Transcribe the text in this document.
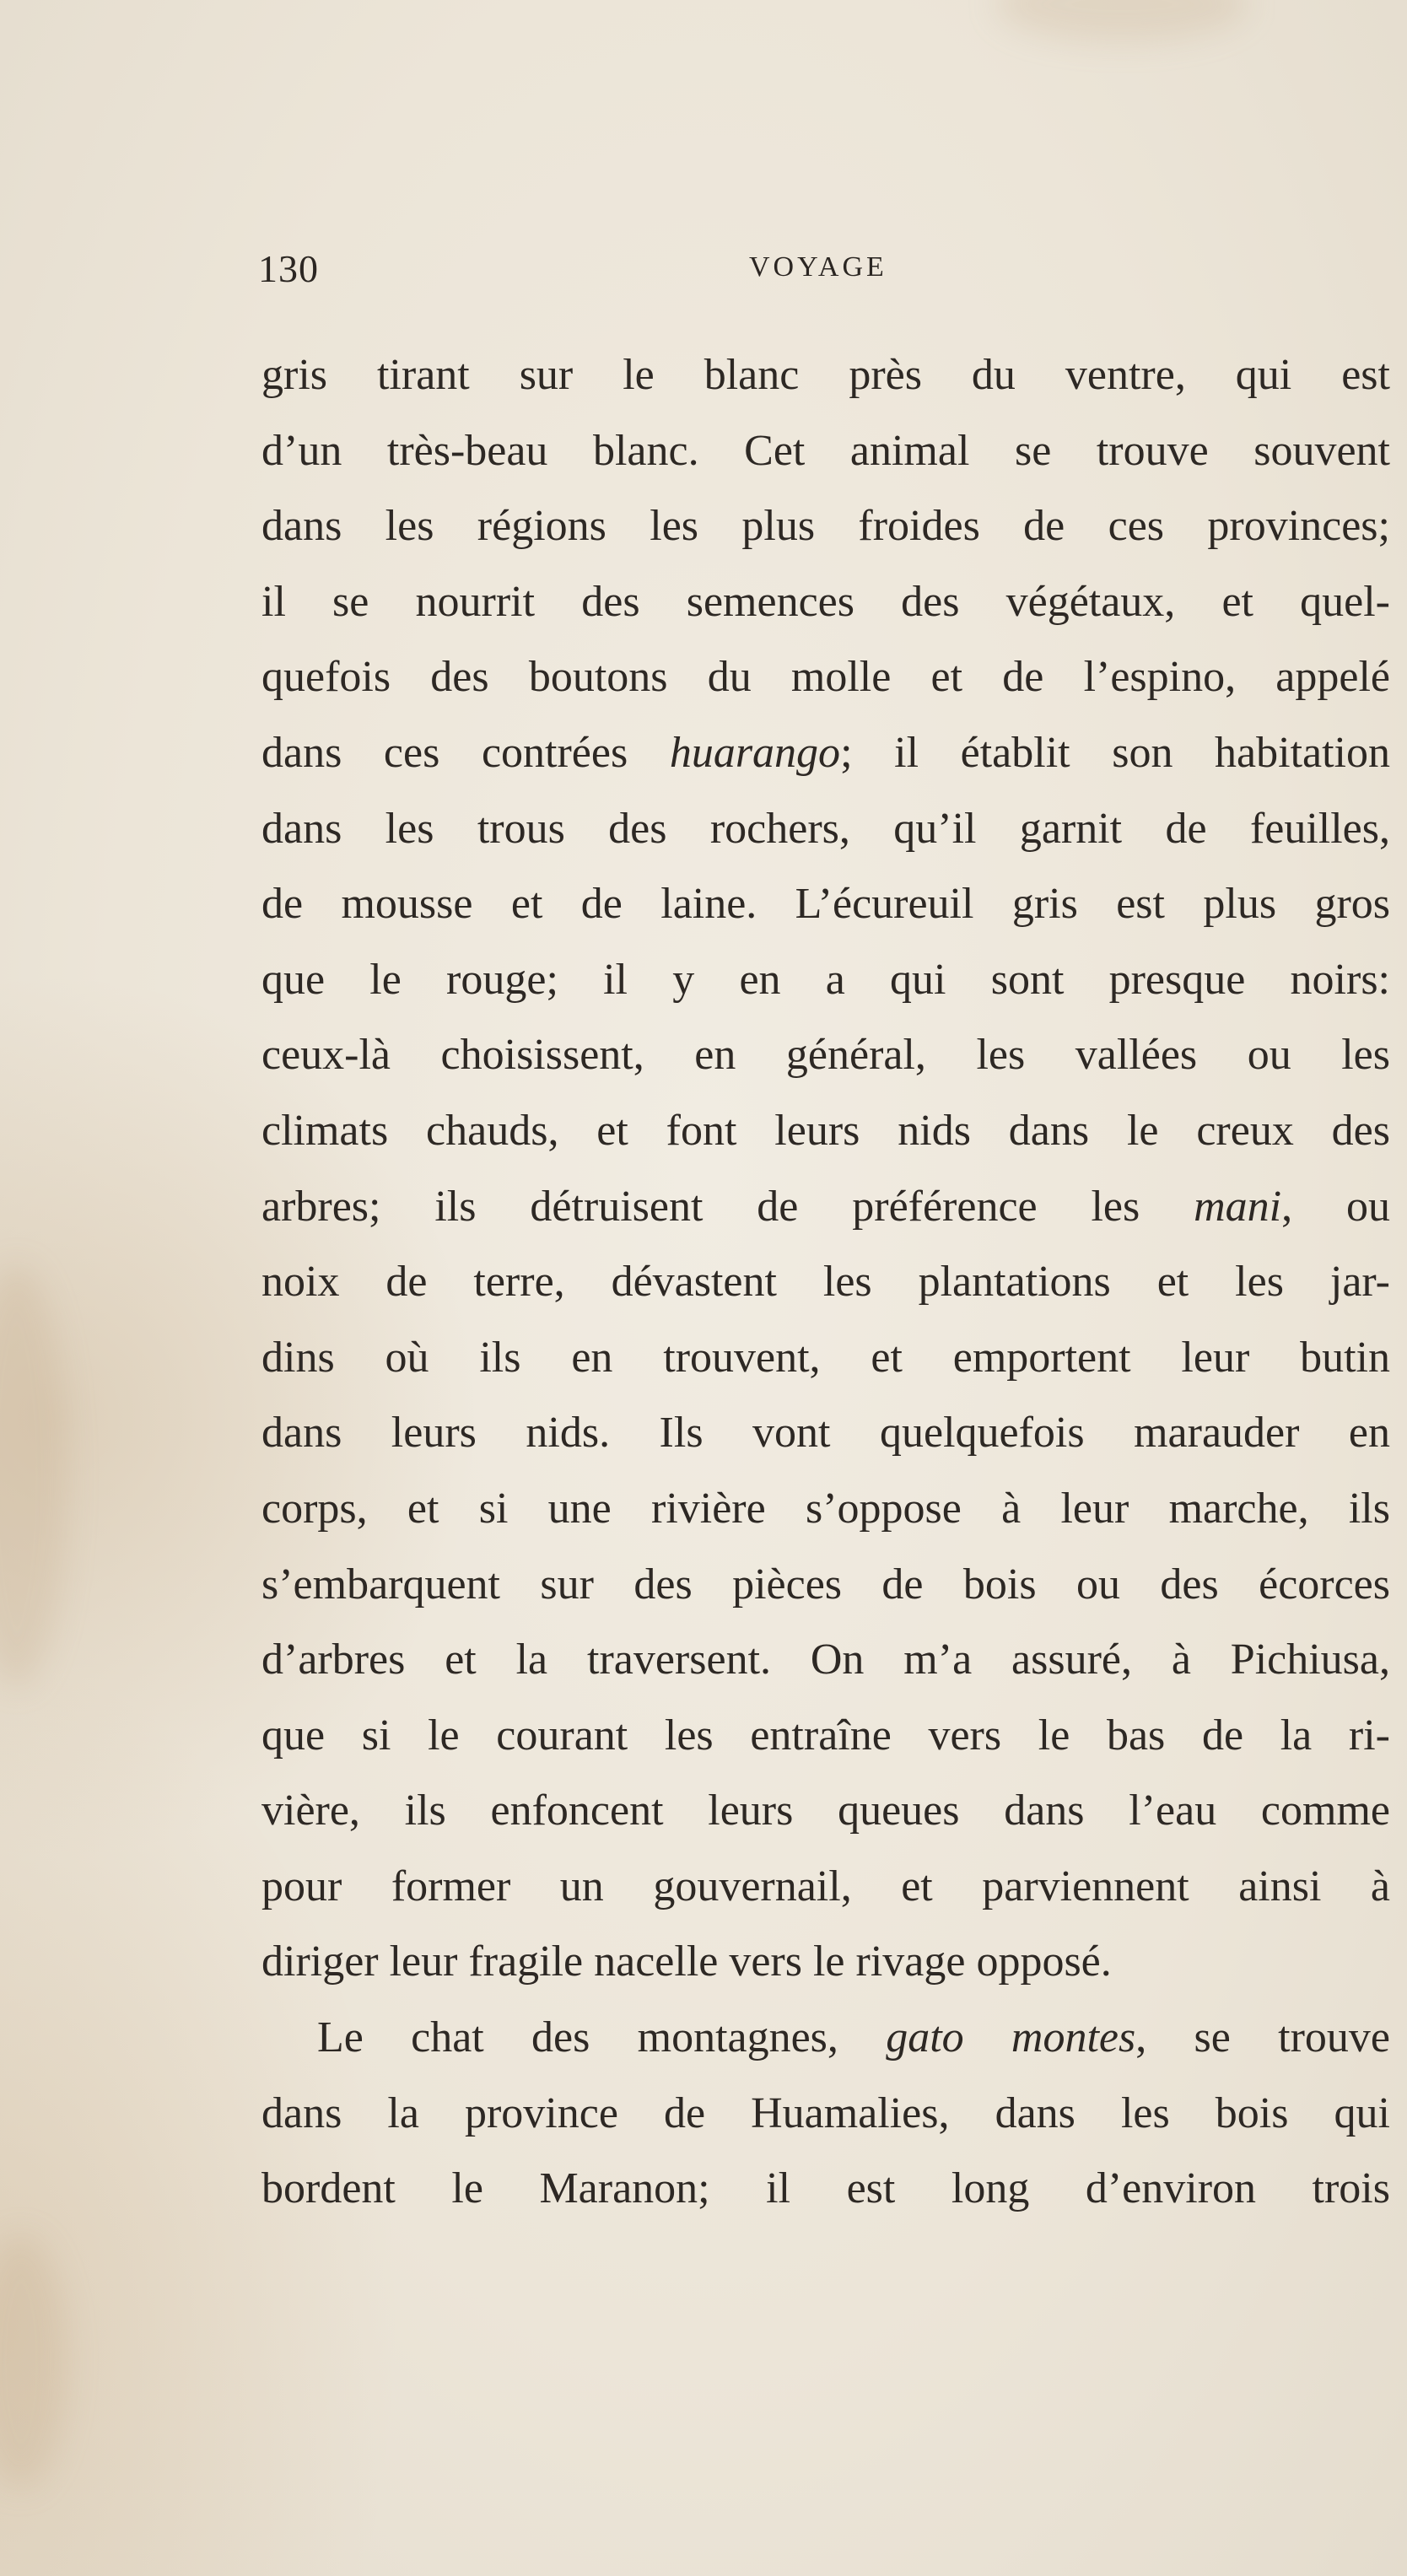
130	VOYAGE
gris tirant sur le blanc près du ventre, qui est
d’un très-beau blanc. Cet animal se trouve souvent
dans les régions les plus froides de ces provinces;
il se nourrit des semences des végétaux, et quel-
quefois des boutons du molle et de l’espino, appelé
dans ces contrées huarango; il établit son habitation
dans les trous des rochers, qu’il garnit de feuilles,
de mousse et de laine. L’écureuil gris est plus gros
que le rouge; il y en a qui sont presque noirs:
ceux-là choisissent, en général, les vallées ou les
climats chauds, et font leurs nids dans le creux des
arbres; ils détruisent de préférence les mani, ou
noix de terre, dévastent les plantations et les jar-
dins où ils en trouvent, et emportent leur butin
dans leurs nids. Ils vont quelquefois marauder en
corps, et si une rivière s’oppose à leur marche, ils
s’embarquent sur des pièces de bois ou des écorces
d’arbres et la traversent. On m’a assuré, à Pichiusa,
que si le courant les entraîne vers le bas de la ri-
vière, ils enfoncent leurs queues dans l’eau comme
pour former un gouvernail, et parviennent ainsi à
diriger leur fragile nacelle vers le rivage opposé.
Le chat des montagnes, gato montes, se trouve
dans la province de Huamalies, dans les bois qui
bordent le Maranon; il est long d’environ trois
